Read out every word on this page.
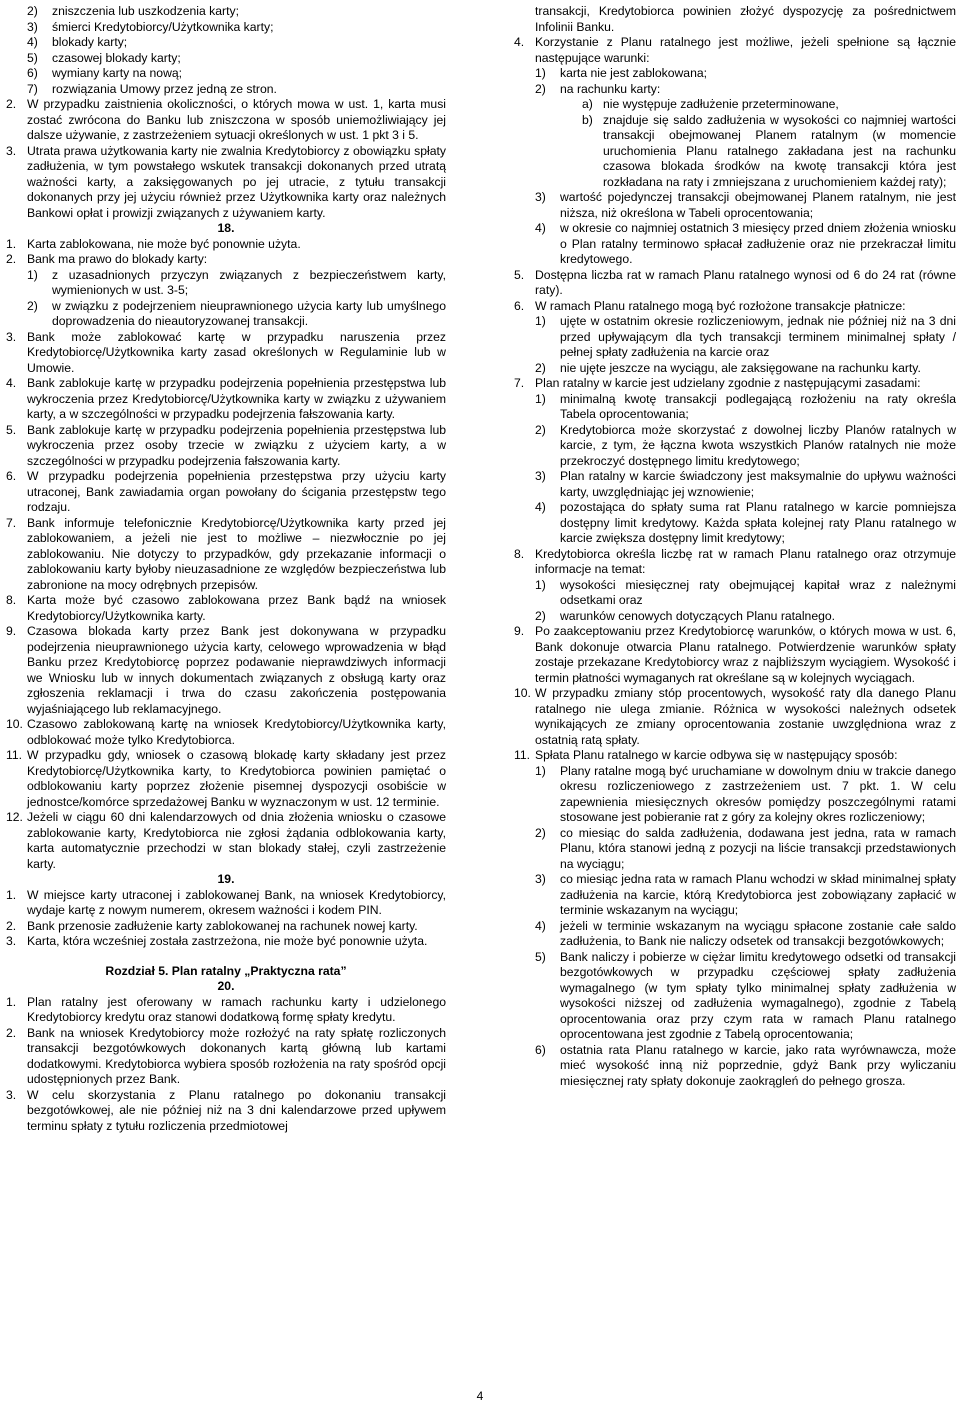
2) zniszczenia lub uszkodzenia karty;
3) śmierci Kredytobiorcy/Użytkownika karty;
4) blokady karty;
5) czasowej blokady karty;
6) wymiany karty na nową;
7) rozwiązania Umowy przez jedną ze stron.
2. W przypadku zaistnienia okoliczności, o których mowa w ust. 1, karta musi zostać zwrócona do Banku lub zniszczona w sposób uniemożliwiający jej dalsze używanie, z zastrzeżeniem sytuacji określonych w ust. 1 pkt 3 i 5.
3. Utrata prawa użytkowania karty nie zwalnia Kredytobiorcy z obowiązku spłaty zadłużenia, w tym powstałego wskutek transakcji dokonanych przed utratą ważności karty, a zaksięgowanych po jej utracie, z tytułu transakcji dokonanych przy jej użyciu również przez Użytkownika karty oraz należnych Bankowi opłat i prowizji związanych z używaniem karty.

18.

1. Karta zablokowana, nie może być ponownie użyta.
2. Bank ma prawo do blokady karty:
1) z uzasadnionych przyczyn związanych z bezpieczeństwem karty, wymienionych w ust. 3-5;
2) w związku z podejrzeniem nieuprawnionego użycia karty lub umyślnego doprowadzenia do nieautoryzowanej transakcji.
3. Bank może zablokować kartę w przypadku naruszenia przez Kredytobiorcę/Użytkownika karty zasad określonych w Regulaminie lub w Umowie.
4. Bank zablokuje kartę w przypadku podejrzenia popełnienia przestępstwa lub wykroczenia przez Kredytobiorcę/Użytkownika karty w związku z używaniem karty, a w szczególności w przypadku podejrzenia fałszowania karty.
5. Bank zablokuje kartę w przypadku podejrzenia popełnienia przestępstwa lub wykroczenia przez osoby trzecie w związku z użyciem karty, a w szczególności w przypadku podejrzenia fałszowania karty.
6. W przypadku podejrzenia popełnienia przestępstwa przy użyciu karty utraconej, Bank zawiadamia organ powołany do ścigania przestępstw tego rodzaju.
7. Bank informuje telefonicznie Kredytobiorcę/Użytkownika karty przed jej zablokowaniem, a jeżeli nie jest to możliwe – niezwłocznie po jej zablokowaniu. Nie dotyczy to przypadków, gdy przekazanie informacji o zablokowaniu karty byłoby nieuzasadnione ze względów bezpieczeństwa lub zabronione na mocy odrębnych przepisów.
8. Karta może być czasowo zablokowana przez Bank bądź na wniosek Kredytobiorcy/Użytkownika karty.
9. Czasowa blokada karty przez Bank jest dokonywana w przypadku podejrzenia nieuprawnionego użycia karty, celowego wprowadzenia w błąd Banku przez Kredytobiorcę poprzez podawanie nieprawdziwych informacji we Wniosku lub w innych dokumentach związanych z obsługą karty oraz zgłoszenia reklamacji i trwa do czasu zakończenia postępowania wyjaśniającego lub reklamacyjnego.
10. Czasowo zablokowaną kartę na wniosek Kredytobiorcy/Użytkownika karty, odblokować może tylko Kredytobiorca.
11. W przypadku gdy, wniosek o czasową blokadę karty składany jest przez Kredytobiorcę/Użytkownika karty, to Kredytobiorca powinien pamiętać o odblokowaniu karty poprzez złożenie pisemnej dyspozycji osobiście w jednostce/komórce sprzedażowej Banku w wyznaczonym w ust. 12 terminie.
12. Jeżeli w ciągu 60 dni kalendarzowych od dnia złożenia wniosku o czasowe zablokowanie karty, Kredytobiorca nie zgłosi żądania odblokowania karty, karta automatycznie przechodzi w stan blokady stałej, czyli zastrzeżenie karty.

19.

1. W miejsce karty utraconej i zablokowanej Bank, na wniosek Kredytobiorcy, wydaje kartę z nowym numerem, okresem ważności i kodem PIN.
2. Bank przenosie zadłużenie karty zablokowanej na rachunek nowej karty.
3. Karta, która wcześniej została zastrzeżona, nie może być ponownie użyta.

Rozdział 5. Plan ratalny „Praktyczna rata”

20.

1. Plan ratalny jest oferowany w ramach rachunku karty i udzielonego Kredytobiorcy kredytu oraz stanowi dodatkową formę spłaty kredytu.
2. Bank na wniosek Kredytobiorcy może rozłożyć na raty spłatę rozliczonych transakcji bezgotówkowych dokonanych kartą główną lub kartami dodatkowymi. Kredytobiorca wybiera sposób rozłożenia na raty spośród opcji udostępnionych przez Bank.
3. W celu skorzystania z Planu ratalnego po dokonaniu transakcji bezgotówkowej, ale nie później niż na 3 dni kalendarzowe przed upływem terminu spłaty z tytułu rozliczenia przedmiotowej
transakcji, Kredytobiorca powinien złożyć dyspozycję za pośrednictwem Infolinii Banku.
4. Korzystanie z Planu ratalnego jest możliwe, jeżeli spełnione są łącznie następujące warunki:
1) karta nie jest zablokowana;
2) na rachunku karty:
a) nie występuje zadłużenie przeterminowane,
b) znajduje się saldo zadłużenia w wysokości co najmniej wartości transakcji obejmowanej Planem ratalnym (w momencie uruchomienia Planu ratalnego zakładana jest na rachunku czasowa blokada środków na kwotę transakcji która jest rozkładana na raty i zmniejszana z uruchomieniem każdej raty);
3) wartość pojedynczej transakcji obejmowanej Planem ratalnym, nie jest niższa, niż określona w Tabeli oprocentowania;
4) w okresie co najmniej ostatnich 3 miesięcy przed dniem złożenia wniosku o Plan ratalny terminowo spłacał zadłużenie oraz nie przekraczał limitu kredytowego.
5. Dostępna liczba rat w ramach Planu ratalnego wynosi od 6 do 24 rat (równe raty).
6. W ramach Planu ratalnego mogą być rozłożone transakcje płatnicze:
1) ujęte w ostatnim okresie rozliczeniowym, jednak nie później niż na 3 dni przed upływającym dla tych transakcji terminem minimalnej spłaty / pełnej spłaty zadłużenia na karcie oraz
2) nie ujęte jeszcze na wyciągu, ale zaksięgowane na rachunku karty.
7. Plan ratalny w karcie jest udzielany zgodnie z następującymi zasadami:
1) minimalną kwotę transakcji podlegającą rozłożeniu na raty określa Tabela oprocentowania;
2) Kredytobiorca może skorzystać z dowolnej liczby Planów ratalnych w karcie, z tym, że łączna kwota wszystkich Planów ratalnych nie może przekroczyć dostępnego limitu kredytowego;
3) Plan ratalny w karcie świadczony jest maksymalnie do upływu ważności karty, uwzględniając jej wznowienie;
4) pozostająca do spłaty suma rat Planu ratalnego w karcie pomniejsza dostępny limit kredytowy. Każda spłata kolejnej raty Planu ratalnego w karcie zwiększa dostępny limit kredytowy;
8. Kredytobiorca określa liczbę rat w ramach Planu ratalnego oraz otrzymuje informacje na temat:
1) wysokości miesięcznej raty obejmującej kapitał wraz z należnymi odsetkami oraz
2) warunków cenowych dotyczących Planu ratalnego.
9. Po zaakceptowaniu przez Kredytobiorcę warunków, o których mowa w ust. 6, Bank dokonuje otwarcia Planu ratalnego. Potwierdzenie warunków spłaty zostaje przekazane Kredytobiorcy wraz z najbliższym wyciągiem. Wysokość i termin płatności wymaganych rat określane są w kolejnych wyciągach.
10. W przypadku zmiany stóp procentowych, wysokość raty dla danego Planu ratalnego nie ulega zmianie. Różnica w wysokości należnych odsetek wynikających ze zmiany oprocentowania zostanie uwzględniona wraz z ostatnią ratą spłaty.
11. Spłata Planu ratalnego w karcie odbywa się w następujący sposób:
1) Plany ratalne mogą być uruchamiane w dowolnym dniu w trakcie danego okresu rozliczeniowego z zastrzeżeniem ust. 7 pkt. 1. W celu zapewnienia miesięcznych okresów pomiędzy poszczególnymi ratami stosowane jest pobieranie rat z góry za kolejny okres rozliczeniowy;
2) co miesiąc do salda zadłużenia, dodawana jest jedna, rata w ramach Planu, która stanowi jedną z pozycji na liście transakcji przedstawionych na wyciągu;
3) co miesiąc jedna rata w ramach Planu wchodzi w skład minimalnej spłaty zadłużenia na karcie, którą Kredytobiorca jest zobowiązany zapłacić w terminie wskazanym na wyciągu;
4) jeżeli w terminie wskazanym na wyciągu spłacone zostanie całe saldo zadłużenia, to Bank nie naliczy odsetek od transakcji bezgotówkowych;
5) Bank naliczy i pobierze w ciężar limitu kredytowego odsetki od transakcji bezgotówkowych w przypadku częściowej spłaty zadłużenia wymagalnego (w tym spłaty tylko minimalnej spłaty zadłużenia w wysokości niższej od zadłużenia wymagalnego), zgodnie z Tabelą oprocentowania oraz przy czym rata w ramach Planu ratalnego oprocentowana jest zgodnie z Tabelą oprocentowania;
6) ostatnia rata Planu ratalnego w karcie, jako rata wyrównawcza, może mieć wysokość inną niż poprzednie, gdyż Bank przy wyliczaniu miesięcznej raty spłaty dokonuje zaokrągleń do pełnego grosza.
4
